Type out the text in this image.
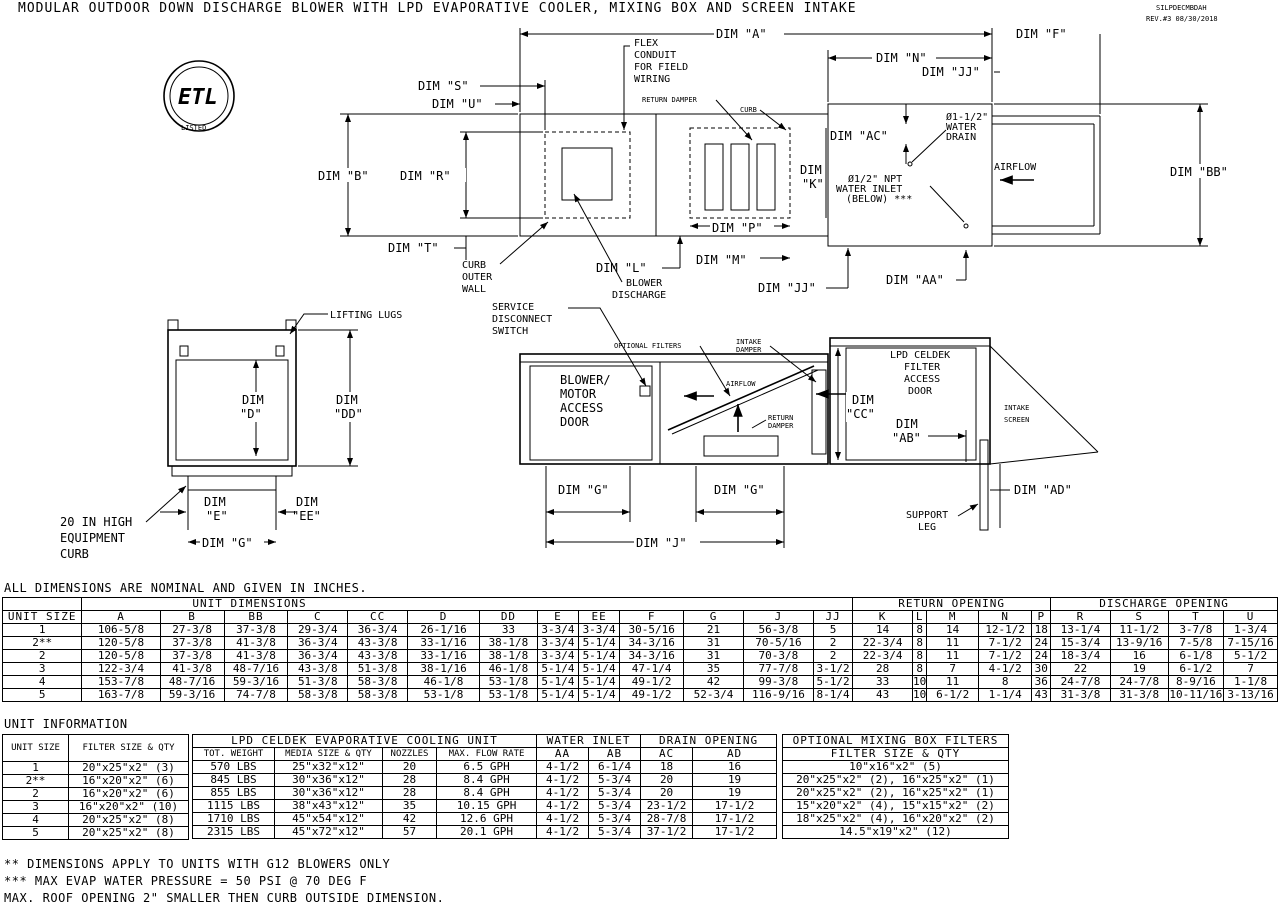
MODULAR OUTDOOR DOWN DISCHARGE BLOWER WITH LPD EVAPORATIVE COOLER, MIXING BOX AND SCREEN INTAKE	SILPDECMBDAH
REV.#3 08/30/2018
ETL
LISTED
DIM "A"	DIM "F"
DIM "N"
DIM "JJ"
DIM "S"
DIM "U"
DIM "B"	DIM "R"
DIM "T"
FLEX
CONDUIT
FOR FIELD
WIRING
RETURN DAMPER
CURB
DIM "AC"
Ø1-1/2"
WATER
DRAIN
Ø1/2" NPT
WATER INLET
(BELOW) ***
AIRFLOW
DIM
"K"
DIM "P"
DIM "L"
DIM "M"
DIM "JJ"
DIM "AA"
DIM "BB"
CURB
OUTER
WALL
BLOWER
DISCHARGE
LIFTING LUGS
DIM
"D"
DIM
"DD"
DIM
"E"
DIM
"EE"
DIM "G"
20 IN HIGH
EQUIPMENT
CURB
SERVICE
DISCONNECT
SWITCH
OPTIONAL FILTERS	INTAKE
DAMPER
BLOWER/
MOTOR
ACCESS
DOOR
AIRFLOW
RETURN
DAMPER
LPD CELDEK
FILTER
ACCESS
DOOR
DIM
"CC"
DIM
"AB"
INTAKE
SCREEN
DIM "AD"
SUPPORT
LEG
DIM "G"	DIM "G"
DIM "J"
ALL DIMENSIONS ARE NOMINAL AND GIVEN IN INCHES.
	UNIT DIMENSIONS													RETURN OPENING					DISCHARGE OPENING			
UNIT SIZE	A	B	BB	C	CC	D	DD	E	EE	F	G	J	JJ	K	L	M	N	P	R	S	T	U
1	106-5/8	27-3/8	37-3/8	29-3/4	36-3/4	26-1/16	33	3-3/4	3-3/4	30-5/16	21	56-3/8	5	14	8	14	12-1/2	18	13-1/4	11-1/2	3-7/8	1-3/4
2**	120-5/8	37-3/8	41-3/8	36-3/4	43-3/8	33-1/16	38-1/8	3-3/4	5-1/4	34-3/16	31	70-5/16	2	22-3/4	8	11	7-1/2	24	15-3/4	13-9/16	7-5/8	7-15/16
2	120-5/8	37-3/8	41-3/8	36-3/4	43-3/8	33-1/16	38-1/8	3-3/4	5-1/4	34-3/16	31	70-3/8	2	22-3/4	8	11	7-1/2	24	18-3/4	16	6-1/8	5-1/2
3	122-3/4	41-3/8	48-7/16	43-3/8	51-3/8	38-1/16	46-1/8	5-1/4	5-1/4	47-1/4	35	77-7/8	3-1/2	28	8	7	4-1/2	30	22	19	6-1/2	7
4	153-7/8	48-7/16	59-3/16	51-3/8	58-3/8	46-1/8	53-1/8	5-1/4	5-1/4	49-1/2	42	99-3/8	5-1/2	33	10	11	8	36	24-7/8	24-7/8	8-9/16	1-1/8
5	163-7/8	59-3/16	74-7/8	58-3/8	58-3/8	53-1/8	53-1/8	5-1/4	5-1/4	49-1/2	52-3/4	116-9/16	8-1/4	43	10	6-1/2	1-1/4	43	31-3/8	31-3/8	10-11/16	3-13/16
UNIT INFORMATION
UNIT SIZE	FILTER SIZE & QTY
1	20"x25"x2" (3)
2**	16"x20"x2" (6)
2	16"x20"x2" (6)
3	16"x20"x2" (10)
4	20"x25"x2" (8)
5	20"x25"x2" (8)
LPD CELDEK EVAPORATIVE COOLING UNIT				WATER INLET		DRAIN OPENING	
TOT. WEIGHT	MEDIA SIZE & QTY	NOZZLES	MAX. FLOW RATE	AA	AB	AC	AD
570 LBS	25"x32"x12"	20	6.5 GPH	4-1/2	6-1/4	18	16
845 LBS	30"x36"x12"	28	8.4 GPH	4-1/2	5-3/4	20	19
855 LBS	30"x36"x12"	28	8.4 GPH	4-1/2	5-3/4	20	19
1115 LBS	38"x43"x12"	35	10.15 GPH	4-1/2	5-3/4	23-1/2	17-1/2
1710 LBS	45"x54"x12"	42	12.6 GPH	4-1/2	5-3/4	28-7/8	17-1/2
2315 LBS	45"x72"x12"	57	20.1 GPH	4-1/2	5-3/4	37-1/2	17-1/2
OPTIONAL MIXING BOX FILTERS
FILTER SIZE & QTY
10"x16"x2" (5)
20"x25"x2" (2), 16"x25"x2" (1)
20"x25"x2" (2), 16"x25"x2" (1)
15"x20"x2" (4), 15"x15"x2" (2)
18"x25"x2" (4), 16"x20"x2" (2)
14.5"x19"x2" (12)
** DIMENSIONS APPLY TO UNITS WITH G12 BLOWERS ONLY
*** MAX EVAP WATER PRESSURE = 50 PSI @ 70 DEG F
MAX. ROOF OPENING 2" SMALLER THEN CURB OUTSIDE DIMENSION.
